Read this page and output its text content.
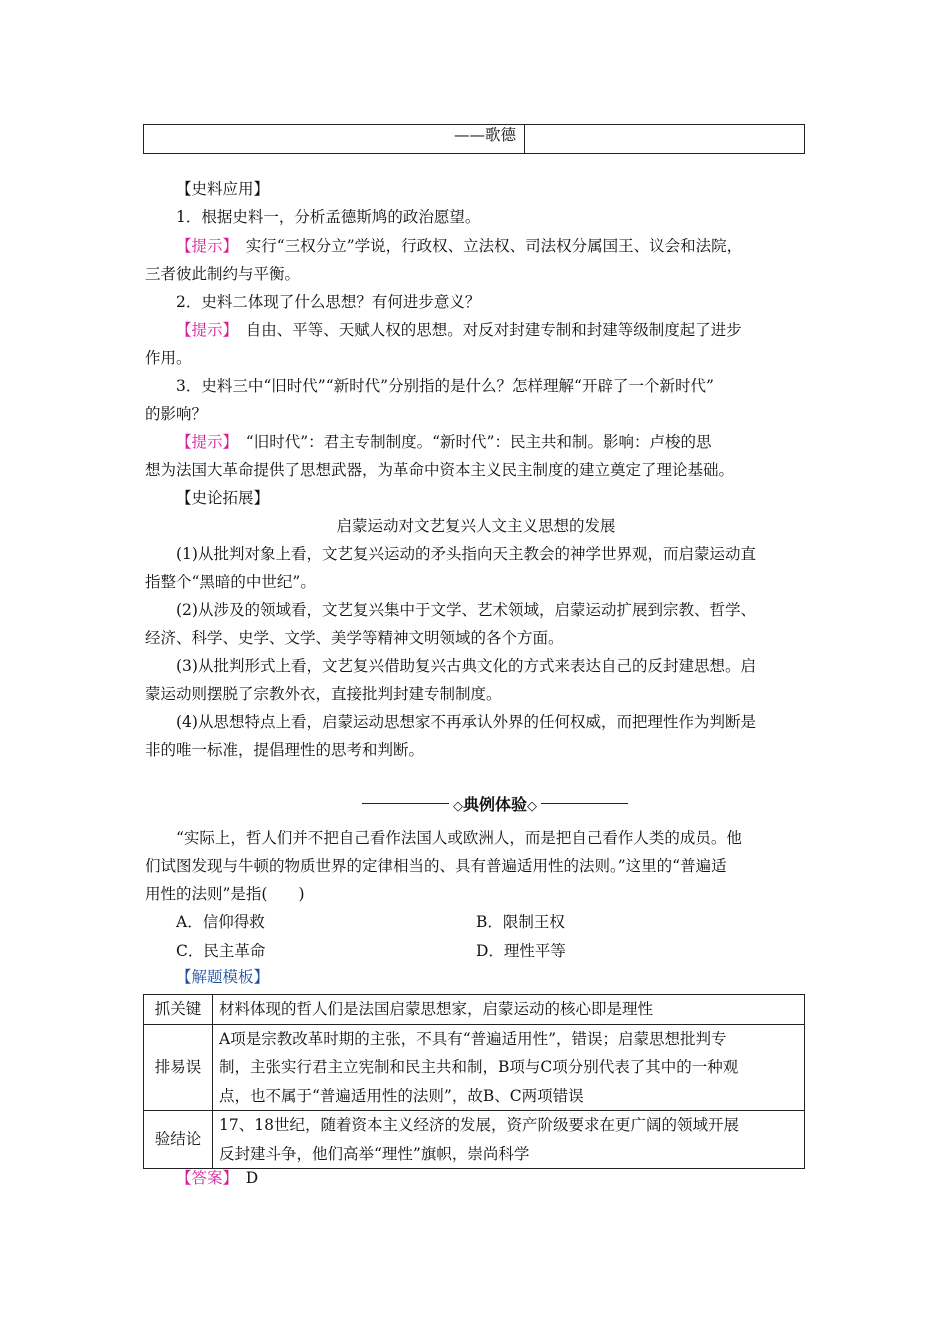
——歌德
【史料应用】
1．根据史料一，分析孟德斯鸠的政治愿望。
【提示】　实行“三权分立”学说，行政权、立法权、司法权分属国王、议会和法院，
三者彼此制约与平衡。
2．史料二体现了什么思想？有何进步意义？
【提示】　自由、平等、天赋人权的思想。对反对封建专制和封建等级制度起了进步
作用。
3．史料三中“旧时代”“新时代”分别指的是什么？怎样理解“开辟了一个新时代”
的影响？
【提示】　“旧时代”：君主专制制度。“新时代”：民主共和制。影响：卢梭的思
想为法国大革命提供了思想武器，为革命中资本主义民主制度的建立奠定了理论基础。
【史论拓展】
启蒙运动对文艺复兴人文主义思想的发展
(1)从批判对象上看，文艺复兴运动的矛头指向天主教会的神学世界观，而启蒙运动直
指整个“黑暗的中世纪”。
(2)从涉及的领域看，文艺复兴集中于文学、艺术领域，启蒙运动扩展到宗教、哲学、
经济、科学、史学、文学、美学等精神文明领域的各个方面。
(3)从批判形式上看，文艺复兴借助复兴古典文化的方式来表达自己的反封建思想。启
蒙运动则摆脱了宗教外衣，直接批判封建专制制度。
(4)从思想特点上看，启蒙运动思想家不再承认外界的任何权威，而把理性作为判断是
非的唯一标准，提倡理性的思考和判断。
◇典例体验◇
“实际上，哲人们并不把自己看作法国人或欧洲人，而是把自己看作人类的成员。他
们试图发现与牛顿的物质世界的定律相当的、具有普遍适用性的法则。”这里的“普遍适
用性的法则”是指(　　)
A．信仰得救	B．限制王权
C．民主革命	D．理性平等
【解题模板】
抓关键	材料体现的哲人们是法国启蒙思想家，启蒙运动的核心即是理性

排易误	A项是宗教改革时期的主张，不具有“普遍适用性”，错误；启蒙思想批判专
制，主张实行君主立宪制和民主共和制，B项与C项分别代表了其中的一种观
点，也不属于“普遍适用性的法则”，故B、C两项错误

验结论	17、18世纪，随着资本主义经济的发展，资产阶级要求在更广阔的领域开展
反封建斗争，他们高举“理性”旗帜，崇尚科学
【答案】　 D
